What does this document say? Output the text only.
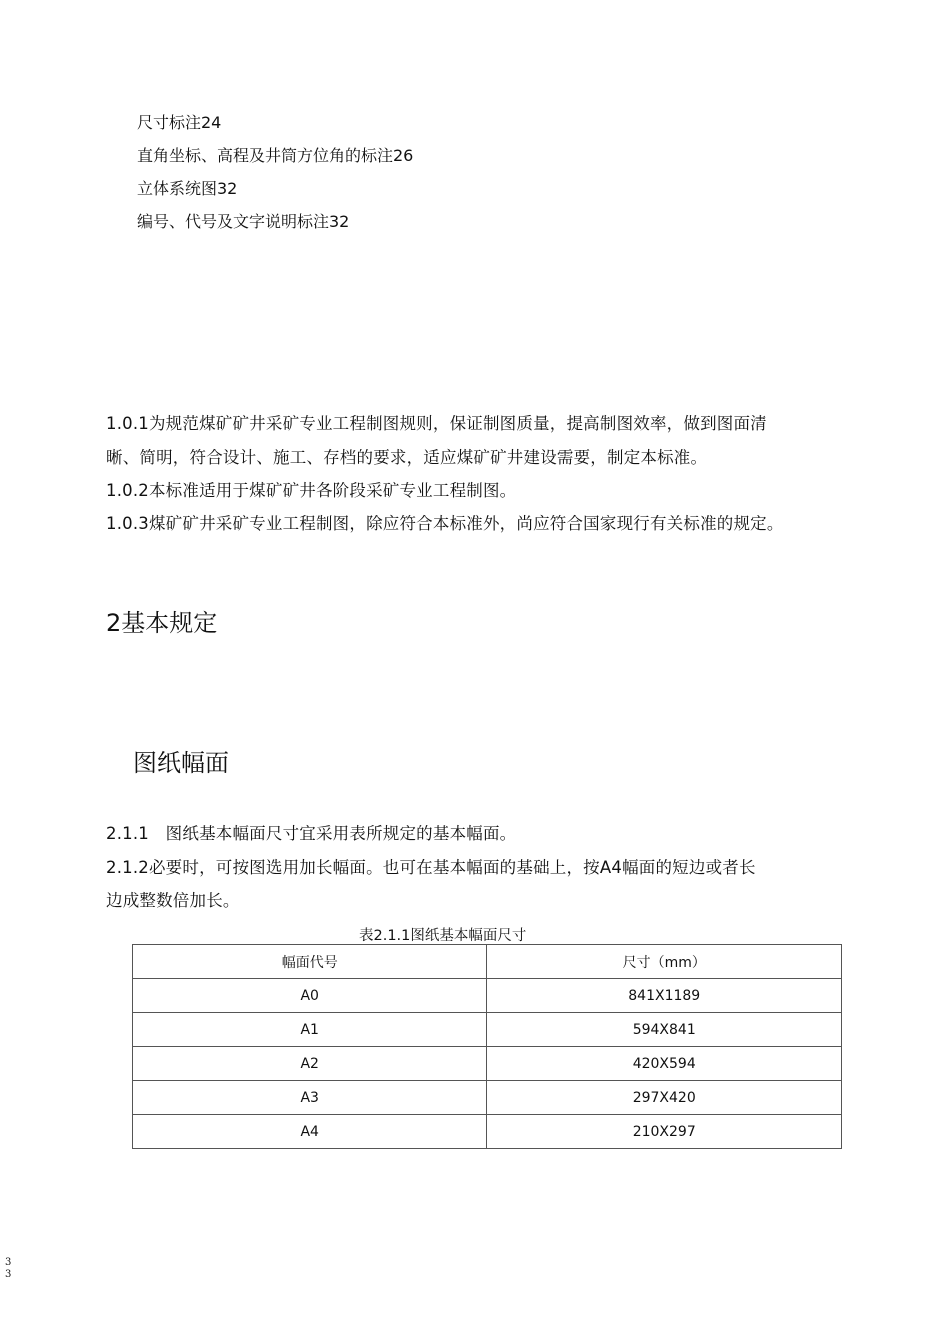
尺寸标注24
直角坐标、高程及井筒方位角的标注26
立体系统图32
编号、代号及文字说明标注32
1.0.1为规范煤矿矿井采矿专业工程制图规则，保证制图质量，提高制图效率，做到图面清
晰、简明，符合设计、施工、存档的要求，适应煤矿矿井建设需要，制定本标准。
1.0.2本标准适用于煤矿矿井各阶段采矿专业工程制图。
1.0.3煤矿矿井采矿专业工程制图，除应符合本标准外，尚应符合国家现行有关标准的规定。
2基本规定
图纸幅面
2.1.1　图纸基本幅面尺寸宜采用表所规定的基本幅面。
2.1.2必要时，可按图选用加长幅面。也可在基本幅面的基础上，按A4幅面的短边或者长
边成整数倍加长。
表2.1.1图纸基本幅面尺寸
幅面代号	尺寸（mm）
A0	841X1189
A1	594X841
A2	420X594
A3	297X420
A4	210X297
3
3
